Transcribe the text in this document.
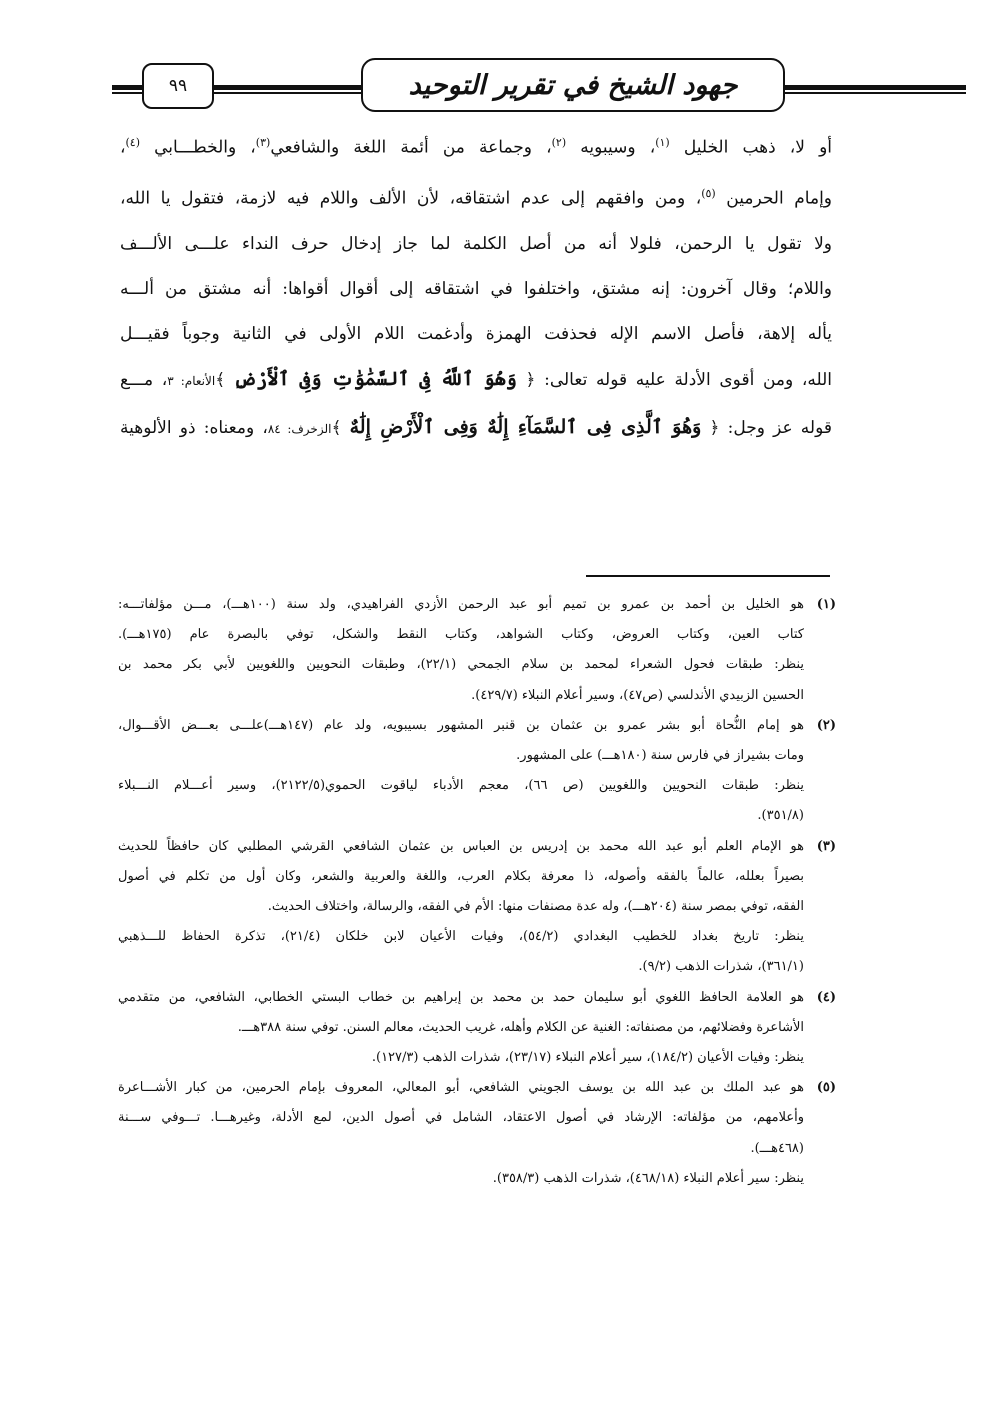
٩٩	جهود الشيخ في تقرير التوحيد
أو لا، ذهب الخليل $^{(١)}$، وسيبويه $^{(٢)}$، وجماعة من أئمة اللغة والشافعي$^{(٣)}$، والخطـــابي $^{(٤)}$،
وإمام الحرمين $^{(٥)}$، ومن وافقهم إلى عدم اشتقاقه، لأن الألف واللام فيه لازمة، فتقول يا الله،
ولا تقول يا الرحمن، فلولا أنه من أصل الكلمة لما جاز إدخال حرف النداء علـــى الألـــف
واللام؛ وقال آخرون: إنه مشتق، واختلفوا في اشتقاقه إلى أقوال أقواها: أنه مشتق من ألـــه
يأله إلاهة، فأصل الاسم الإله فحذفت الهمزة وأدغمت اللام الأولى في الثانية وجوباً فقيـــل
الله، ومن أقوى الأدلة عليه قوله تعالى: ﴿ وَهُوَ ٱللَّهُ فِى ٱلسَّمَٰوَٰتِ وَفِى ٱلْأَرْضِ ﴾الأنعام: ٣، مـــع
قوله عز وجل: ﴿ وَهُوَ ٱلَّذِى فِى ٱلسَّمَآءِ إِلَٰهٌ وَفِى ٱلْأَرْضِ إِلَٰهٌ ﴾الزخرف: ٨٤، ومعناه: ذو الألوهية
(١)هو الخليل بن أحمد بن عمرو بن تميم أبو عبد الرحمن الأزدي الفراهيدي، ولد سنة (١٠٠هـــ)، مـــن مؤلفاتـــه:
كتاب العين، وكتاب العروض، وكتاب الشواهد، وكتاب النقط والشكل، توفي بالبصرة عام (١٧٥هـــ).
ينظر: طبقات فحول الشعراء لمحمد بن سلام الجمحي (٢٢/١)، وطبقات النحويين واللغويين لأبي بكر محمد بن
الحسين الزبيدي الأندلسي (ص٤٧)، وسير أعلام النبلاء (٤٢٩/٧).
(٢)هو إمام النُّحاة أبو بشر عمرو بن عثمان بن قنبر المشهور بسيبويه، ولد عام (١٤٧هـــ)علـــى بعـــض الأقـــوال،
ومات بشيراز في فارس سنة (١٨٠هـــ) على المشهور.
ينظر: طبقات النحويين واللغويين (ص ٦٦)، معجم الأدباء لياقوت الحموي(٢١٢٢/٥)، وسير أعـــلام النـــبلاء
(٣٥١/٨).
(٣)هو الإمام العلم أبو عبد الله محمد بن إدريس بن العباس بن عثمان الشافعي القرشي المطلبي كان حافظاً للحديث
بصيراً بعلله، عالماً بالفقه وأصوله، ذا معرفة بكلام العرب، واللغة والعربية والشعر، وكان أول من تكلم في أصول
الفقه، توفي بمصر سنة (٢٠٤هـــ)، وله عدة مصنفات منها: الأم في الفقه، والرسالة، واختلاف الحديث.
ينظر: تاريخ بغداد للخطيب البغدادي (٥٤/٢)، وفيات الأعيان لابن خلكان (٢١/٤)، تذكرة الحفاظ للـــذهبي
(٣٦١/١)، شذرات الذهب (٩/٢).
(٤)هو العلامة الحافظ اللغوي أبو سليمان حمد بن محمد بن إبراهيم بن خطاب البستي الخطابي، الشافعي، من متقدمي
الأشاعرة وفضلائهم، من مصنفاته: الغنية عن الكلام وأهله، غريب الحديث، معالم السنن. توفي سنة ٣٨٨هـــ.
ينظر: وفيات الأعيان (١٨٤/٢)، سير أعلام النبلاء (٢٣/١٧)، شذرات الذهب (١٢٧/٣).
(٥)هو عبد الملك بن عبد الله بن يوسف الجويني الشافعي، أبو المعالي، المعروف بإمام الحرمين، من كبار الأشـــاعرة
وأعلامهم، من مؤلفاته: الإرشاد في أصول الاعتقاد، الشامل في أصول الدين، لمع الأدلة، وغيرهـــا. تـــوفي ســـنة
(٤٦٨هـــ).
ينظر: سير أعلام النبلاء (٤٦٨/١٨)، شذرات الذهب (٣٥٨/٣).
